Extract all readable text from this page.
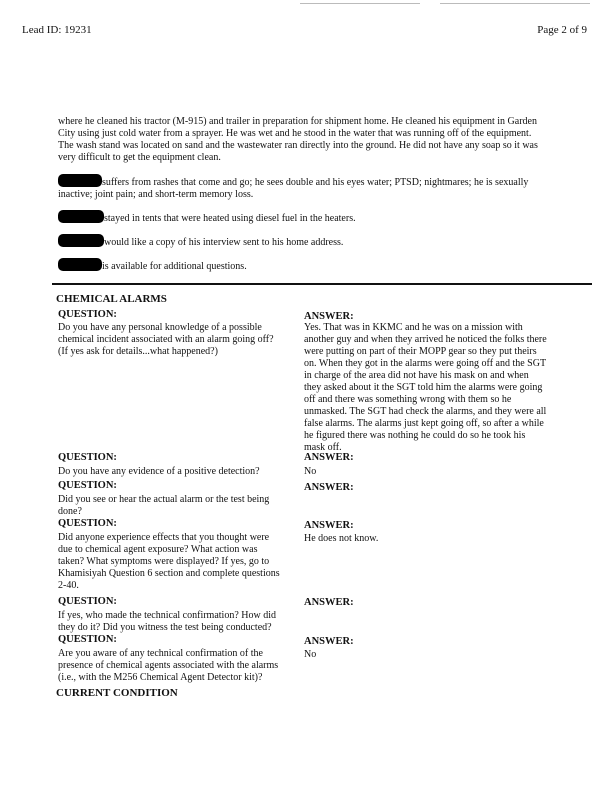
Lead ID: 19231	Page 2 of 9

where he cleaned his tractor (M-915) and trailer in preparation for shipment home. He cleaned his equipment in Garden City using just cold water from a sprayer. He was wet and he stood in the water that was running off of the equipment. The wash stand was located on sand and the wastewater ran directly into the ground. He did not have any soap so it was very difficult to get the equipment clean.

suffers from rashes that come and go; he sees double and his eyes water; PTSD; nightmares; he is sexually inactive; joint pain; and short-term memory loss.

stayed in tents that were heated using diesel fuel in the heaters.

would like a copy of his interview sent to his home address.

is available for additional questions.

CHEMICAL ALARMS
QUESTION:	ANSWER:

Do you have any personal knowledge of a possible chemical incident associated with an alarm going off? (If yes ask for details...what happened?)

Yes. That was in KKMC and he was on a mission with another guy and when they arrived he noticed the folks there were putting on part of their MOPP gear so they put theirs on. When they got in the alarms were going off and the SGT in charge of the area did not have his mask on and when they asked about it the SGT told him the alarms were going off and there was something wrong with them so he unmasked. The SGT had check the alarms, and they were all false alarms. The alarms just kept going off, so after a while he figured there was nothing he could do so he took his mask off.

QUESTION:	ANSWER:

Do you have any evidence of a positive detection?	No

QUESTION:	ANSWER:

Did you see or hear the actual alarm or the test being done?

QUESTION:	ANSWER:

Did anyone experience effects that you thought were due to chemical agent exposure? What action was taken? What symptoms were displayed? If yes, go to Khamisiyah Question 6 section and complete questions 2-40.

He does not know.

QUESTION:	ANSWER:

If yes, who made the technical confirmation? How did they do it? Did you witness the test being conducted?

QUESTION:	ANSWER:

Are you aware of any technical confirmation of the presence of chemical agents associated with the alarms (i.e., with the M256 Chemical Agent Detector kit)?

No

CURRENT CONDITION
